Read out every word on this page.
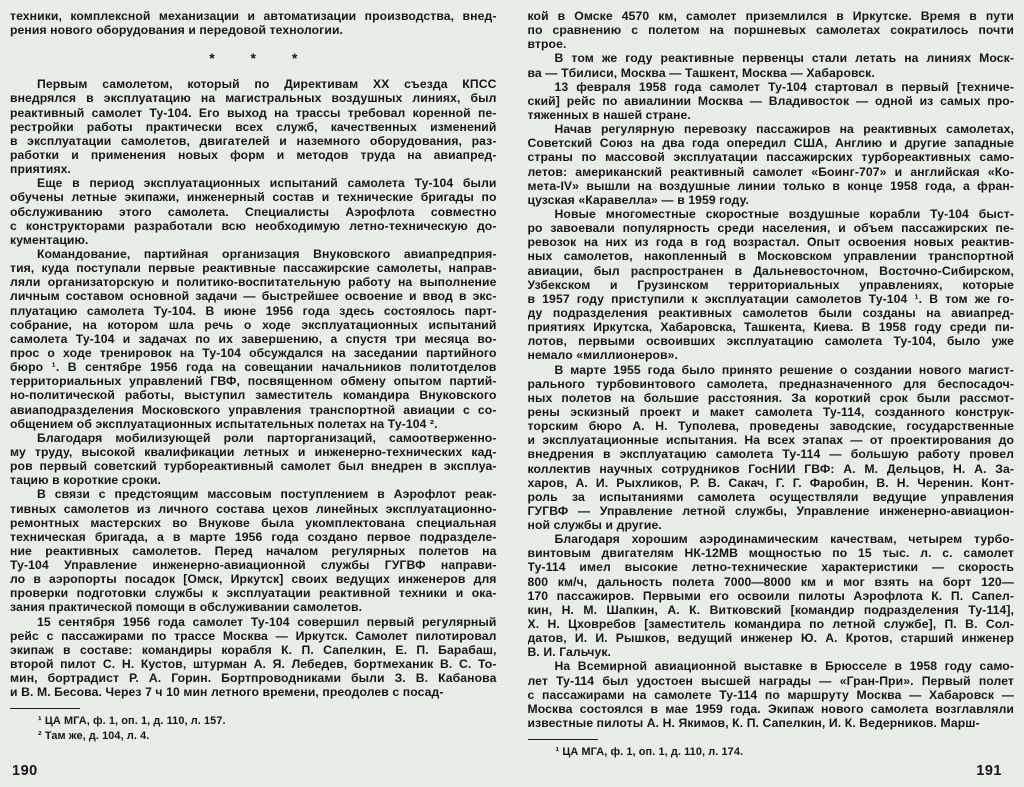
техники, комплексной механизации и автоматизации производства, внед-
рения нового оборудования и передовой технологии.
* * *
Первым самолетом, который по Директивам XX съезда КПСС
внедрялся в эксплуатацию на магистральных воздушных линиях, был
реактивный самолет Ту-104. Его выход на трассы требовал коренной пе-
рестройки работы практически всех служб, качественных изменений
в эксплуатации самолетов, двигателей и наземного оборудования, раз-
работки и применения новых форм и методов труда на авиапред-
приятиях.
Еще в период эксплуатационных испытаний самолета Ту-104 были
обучены летные экипажи, инженерный состав и технические бригады по
обслуживанию этого самолета. Специалисты Аэрофлота совместно
с конструкторами разработали всю необходимую летно-техническую до-
кументацию.
Командование, партийная организация Внуковского авиапредприя-
тия, куда поступали первые реактивные пассажирские самолеты, направ-
ляли организаторскую и политико-воспитательную работу на выполнение
личным составом основной задачи — быстрейшее освоение и ввод в экс-
плуатацию самолета Ту-104. В июне 1956 года здесь состоялось парт-
собрание, на котором шла речь о ходе эксплуатационных испытаний
самолета Ту-104 и задачах по их завершению, а спустя три месяца во-
прос о ходе тренировок на Ту-104 обсуждался на заседании партийного
бюро ¹. В сентябре 1956 года на совещании начальников политотделов
территориальных управлений ГВФ, посвященном обмену опытом партий-
но-политической работы, выступил заместитель командира Внуковского
авиаподразделения Московского управления транспортной авиации с со-
общением об эксплуатационных испытательных полетах на Ту-104 ².
Благодаря мобилизующей роли парторганизаций, самоотверженно-
му труду, высокой квалификации летных и инженерно-технических кад-
ров первый советский турбореактивный самолет был внедрен в эксплуа-
тацию в короткие сроки.
В связи с предстоящим массовым поступлением в Аэрофлот реак-
тивных самолетов из личного состава цехов линейных эксплуатационно-
ремонтных мастерских во Внукове была укомплектована специальная
техническая бригада, а в марте 1956 года создано первое подразделе-
ние реактивных самолетов. Перед началом регулярных полетов на
Ту-104 Управление инженерно-авиационной службы ГУГВФ направи-
ло в аэропорты посадок [Омск, Иркутск] своих ведущих инженеров для
проверки подготовки службы к эксплуатации реактивной техники и ока-
зания практической помощи в обслуживании самолетов.
15 сентября 1956 года самолет Ту-104 совершил первый регулярный
рейс с пассажирами по трассе Москва — Иркутск. Самолет пилотировал
экипаж в составе: командиры корабля К. П. Сапелкин, Е. П. Барабаш,
второй пилот С. Н. Кустов, штурман А. Я. Лебедев, бортмеханик В. С. То-
мин, бортрадист Р. А. Горин. Бортпроводниками были З. В. Кабанова
и В. М. Бесова. Через 7 ч 10 мин летного времени, преодолев с посад-
¹ ЦА МГА, ф. 1, оп. 1, д. 110, л. 157.
² Там же, д. 104, л. 4.
190
кой в Омске 4570 км, самолет приземлился в Иркутске. Время в пути
по сравнению с полетом на поршневых самолетах сократилось почти
втрое.
В том же году реактивные первенцы стали летать на линиях Моск-
ва — Тбилиси, Москва — Ташкент, Москва — Хабаровск.
13 февраля 1958 года самолет Ту-104 стартовал в первый [техниче-
ский] рейс по авиалинии Москва — Владивосток — одной из самых про-
тяженных в нашей стране.
Начав регулярную перевозку пассажиров на реактивных самолетах,
Советский Союз на два года опередил США, Англию и другие западные
страны по массовой эксплуатации пассажирских турбореактивных само-
летов: американский реактивный самолет «Боинг-707» и английская «Ко-
мета-IV» вышли на воздушные линии только в конце 1958 года, а фран-
цузская «Каравелла» — в 1959 году.
Новые многоместные скоростные воздушные корабли Ту-104 быст-
ро завоевали популярность среди населения, и объем пассажирских пе-
ревозок на них из года в год возрастал. Опыт освоения новых реактив-
ных самолетов, накопленный в Московском управлении транспортной
авиации, был распространен в Дальневосточном, Восточно-Сибирском,
Узбекском и Грузинском территориальных управлениях, которые
в 1957 году приступили к эксплуатации самолетов Ту-104 ¹. В том же го-
ду подразделения реактивных самолетов были созданы на авиапред-
приятиях Иркутска, Хабаровска, Ташкента, Киева. В 1958 году среди пи-
лотов, первыми освоивших эксплуатацию самолета Ту-104, было уже
немало «миллионеров».
В марте 1955 года было принято решение о создании нового магист-
рального турбовинтового самолета, предназначенного для беспосадоч-
ных полетов на большие расстояния. За короткий срок были рассмот-
рены эскизный проект и макет самолета Ту-114, созданного конструк-
торским бюро А. Н. Туполева, проведены заводские, государственные
и эксплуатационные испытания. На всех этапах — от проектирования до
внедрения в эксплуатацию самолета Ту-114 — большую работу провел
коллектив научных сотрудников ГосНИИ ГВФ: А. М. Дельцов, Н. А. За-
харов, А. И. Рыхликов, Р. В. Сакач, Г. Г. Фаробин, В. Н. Черенин. Конт-
роль за испытаниями самолета осуществляли ведущие управления
ГУГВФ — Управление летной службы, Управление инженерно-авиацион-
ной службы и другие.
Благодаря хорошим аэродинамическим качествам, четырем турбо-
винтовым двигателям НК-12МВ мощностью по 15 тыс. л. с. самолет
Ту-114 имел высокие летно-технические характеристики — скорость
800 км/ч, дальность полета 7000—8000 км и мог взять на борт 120—
170 пассажиров. Первыми его освоили пилоты Аэрофлота К. П. Сапел-
кин, Н. М. Шапкин, А. К. Витковский [командир подразделения Ту-114],
Х. Н. Цховребов [заместитель командира по летной службе], П. В. Сол-
датов, И. И. Рышков, ведущий инженер Ю. А. Кротов, старший инженер
В. И. Гальчук.
На Всемирной авиационной выставке в Брюсселе в 1958 году само-
лет Ту-114 был удостоен высшей награды — «Гран-При». Первый полет
с пассажирами на самолете Ту-114 по маршруту Москва — Хабаровск —
Москва состоялся в мае 1959 года. Экипаж нового самолета возглавляли
известные пилоты А. Н. Якимов, К. П. Сапелкин, И. К. Ведерников. Марш-
¹ ЦА МГА, ф. 1, оп. 1, д. 110, л. 174.
191
